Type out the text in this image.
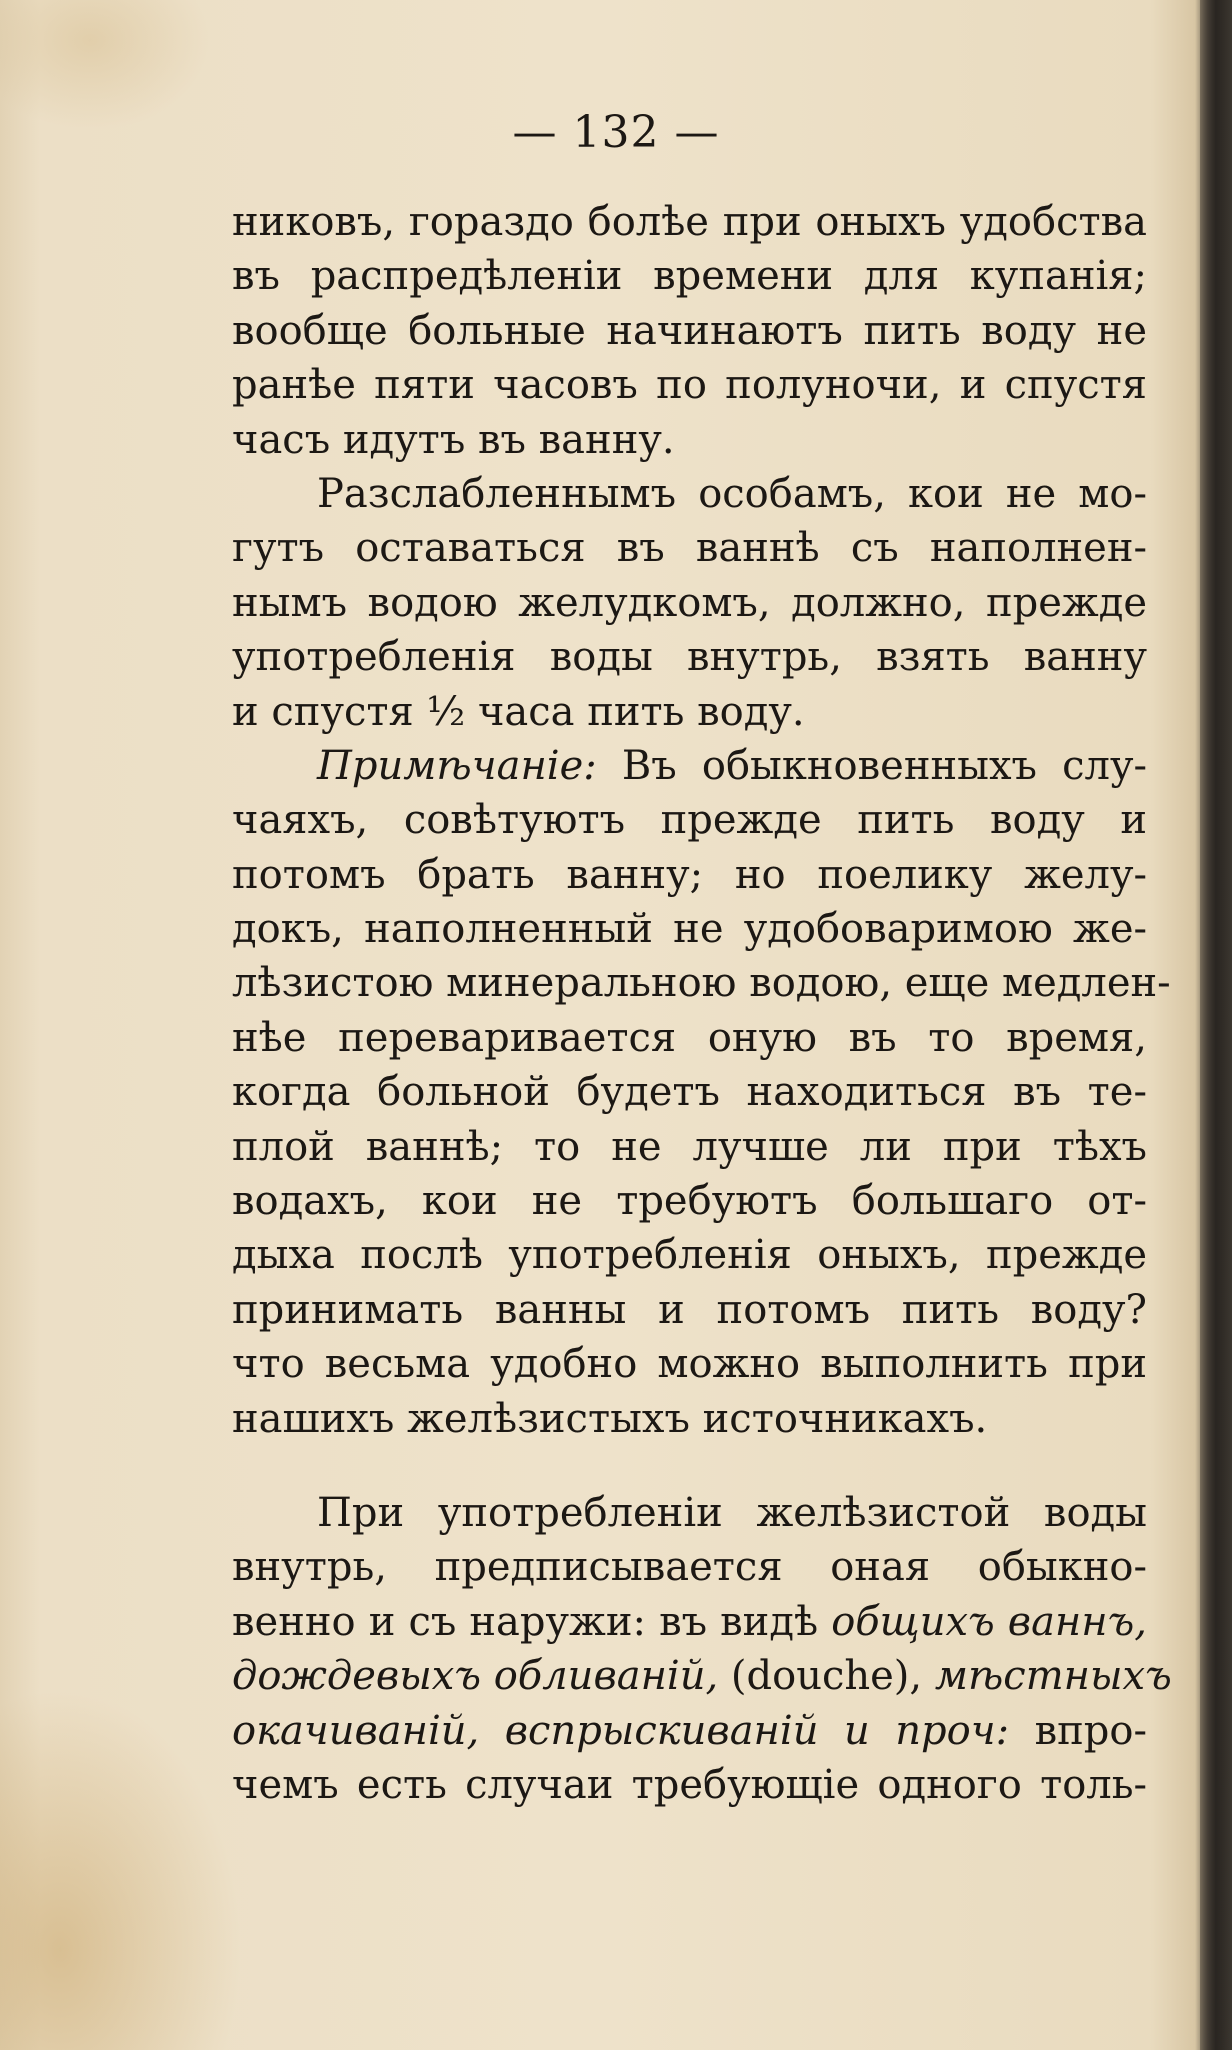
— 132 —
никовъ, гораздо болѣе при оныхъ удобства
въ распредѣленіи времени для купанія;
вообще больные начинаютъ пить воду не
ранѣе пяти часовъ по полуночи, и спустя
часъ идутъ въ ванну.
Разслабленнымъ особамъ, кои не мо-
гутъ оставаться въ ваннѣ съ наполнен-
нымъ водою желудкомъ, должно, прежде
употребленія воды внутрь, взять ванну
и спустя ½ часа пить воду.
Примѣчаніе: Въ обыкновенныхъ слу-
чаяхъ, совѣтуютъ прежде пить воду и
потомъ брать ванну; но поелику желу-
докъ, наполненный не удобоваримою же-
лѣзистою минеральною водою, еще медлен-
нѣе переваривается оную въ то время,
когда больной будетъ находиться въ те-
плой ваннѣ; то не лучше ли при тѣхъ
водахъ, кои не требуютъ большаго от-
дыха послѣ употребленія оныхъ, прежде
принимать ванны и потомъ пить воду?
что весьма удобно можно выполнить при
нашихъ желѣзистыхъ источникахъ.
При употребленіи желѣзистой воды
внутрь, предписывается оная обыкно-
венно и съ наружи: въ видѣ общихъ ваннъ,
дождевыхъ обливаній, (douche), мѣстныхъ
окачиваній, вспрыскиваній и проч: впро-
чемъ есть случаи требующіе одного толь-
